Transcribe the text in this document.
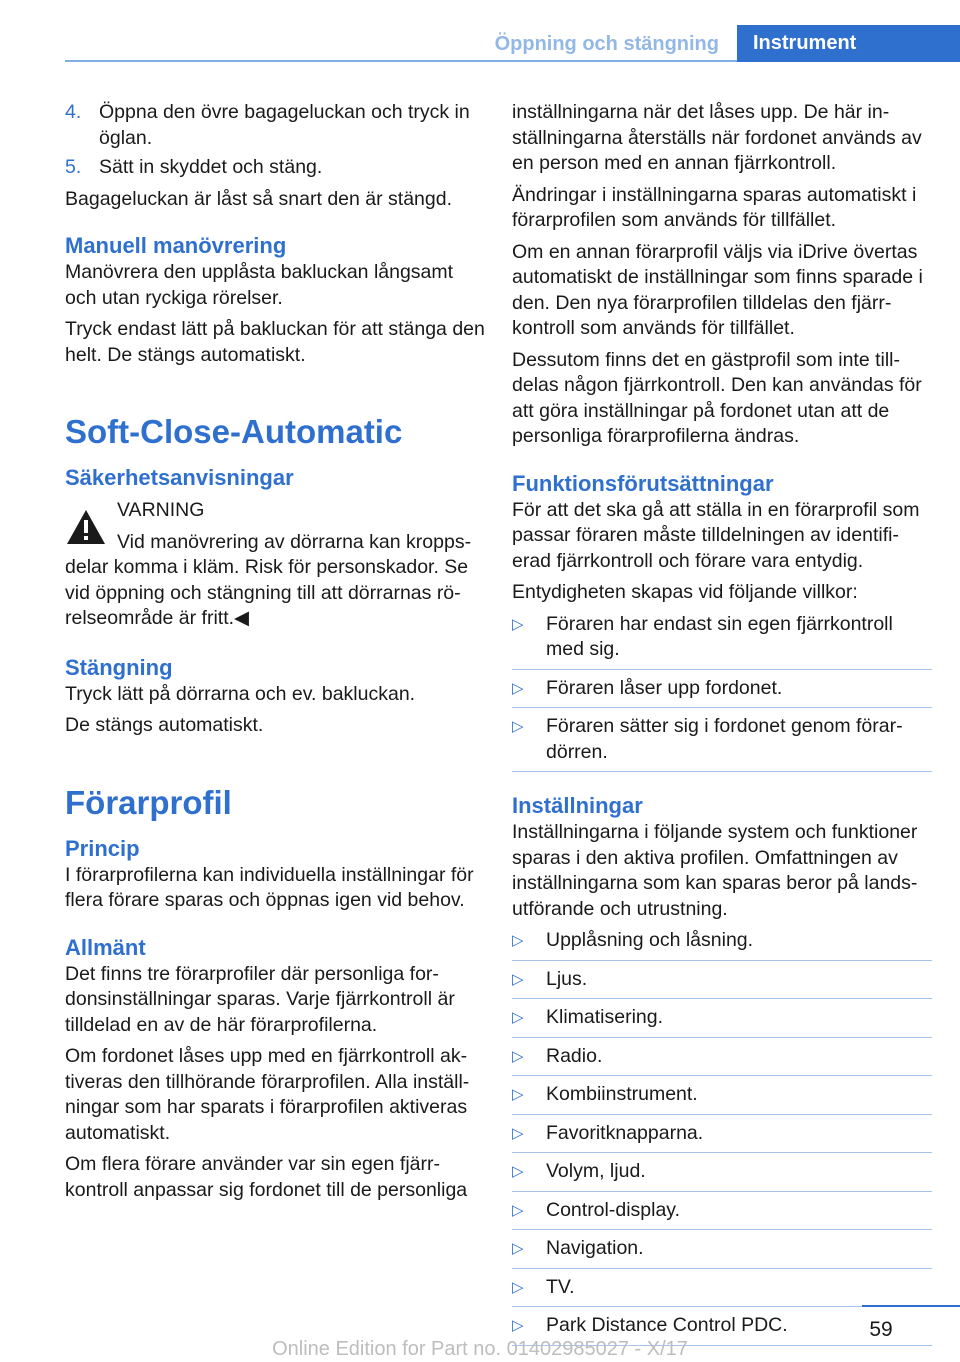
Öppning och stängning	Instrument
4. Öppna den övre bagageluckan och tryck in öglan.
5. Sätt in skyddet och stäng.

Bagageluckan är låst så snart den är stängd.

Manuell manövrering

Manövrera den upplåsta bakluckan långsamt och utan ryckiga rörelser.

Tryck endast lätt på bakluckan för att stänga den helt. De stängs automatiskt.

Soft-Close-Automatic
Säkerhetsanvisningar

VARNING

Vid manövrering av dörrarna kan kropps-

delar komma i kläm. Risk för personskador. Se vid öppning och stängning till att dörrarnas rö- relseområde är fritt.◀

Stängning

Tryck lätt på dörrarna och ev. bakluckan.

De stängs automatiskt.

Förarprofil
Princip

I förarprofilerna kan individuella inställningar för flera förare sparas och öppnas igen vid behov.

Allmänt

Det finns tre förarprofiler där personliga for- donsinställningar sparas. Varje fjärrkontroll är tilldelad en av de här förarprofilerna.

Om fordonet låses upp med en fjärrkontroll ak- tiveras den tillhörande förarprofilen. Alla inställ- ningar som har sparats i förarprofilen aktiveras automatiskt.

Om flera förare använder var sin egen fjärr- kontroll anpassar sig fordonet till de personliga

inställningarna när det låses upp. De här in- ställningarna återställs när fordonet används av en person med en annan fjärrkontroll.

Ändringar i inställningarna sparas automatiskt i förarprofilen som används för tillfället.

Om en annan förarprofil väljs via iDrive övertas automatiskt de inställningar som finns sparade i den. Den nya förarprofilen tilldelas den fjärr- kontroll som används för tillfället.

Dessutom finns det en gästprofil som inte till- delas någon fjärrkontroll. Den kan användas för att göra inställningar på fordonet utan att de personliga förarprofilerna ändras.

Funktionsförutsättningar

För att det ska gå att ställa in en förarprofil som passar föraren måste tilldelningen av identifi- erad fjärrkontroll och förare vara entydig.

Entydigheten skapas vid följande villkor:

▷	Föraren har endast sin egen fjärrkontroll med sig.
▷	Föraren låser upp fordonet.
▷	Föraren sätter sig i fordonet genom förar- dörren.
Inställningar

Inställningarna i följande system och funktioner sparas i den aktiva profilen. Omfattningen av inställningarna som kan sparas beror på lands- utförande och utrustning.

▷	Upplåsning och låsning.
▷	Ljus.
▷	Klimatisering.
▷	Radio.
▷	Kombiinstrument.
▷	Favoritknapparna.
▷	Volym, ljud.
▷	Control-display.
▷	Navigation.
▷	TV.
▷	Park Distance Control PDC.	59
Online Edition for Part no. 01402985027 - X/17
